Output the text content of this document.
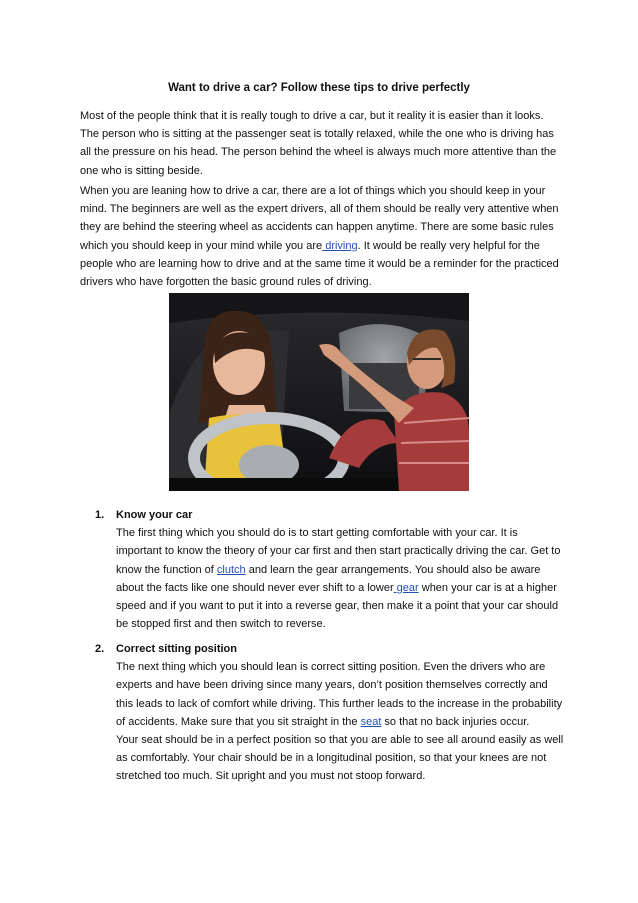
Want to drive a car? Follow these tips to drive perfectly

Most of the people think that it is really tough to drive a car, but it reality it is easier than it looks. The person who is sitting at the passenger seat is totally relaxed, while the one who is driving has all the pressure on his head. The person behind the wheel is always much more attentive than the one who is sitting beside.

When you are leaning how to drive a car, there are a lot of things which you should keep in your mind. The beginners are well as the expert drivers, all of them should be really very attentive when they are behind the steering wheel as accidents can happen anytime. There are some basic rules which you should keep in your mind while you are driving. It would be really very helpful for the people who are learning how to drive and at the same time it would be a reminder for the practiced drivers who have forgotten the basic ground rules of driving.

1. Know your car

The first thing which you should do is to start getting comfortable with your car. It is important to know the theory of your car first and then start practically driving the car. Get to know the function of clutch and learn the gear arrangements. You should also be aware about the facts like one should never ever shift to a lower gear when your car is at a higher speed and if you want to put it into a reverse gear, then make it a point that your car should be stopped first and then switch to reverse.

2. Correct sitting position

The next thing which you should lean is correct sitting position. Even the drivers who are experts and have been driving since many years, don’t position themselves correctly and this leads to lack of comfort while driving. This further leads to the increase in the probability of accidents. Make sure that you sit straight in the seat so that no back injuries occur.

Your seat should be in a perfect position so that you are able to see all around easily as well as comfortably. Your chair should be in a longitudinal position, so that your knees are not stretched too much. Sit upright and you must not stoop forward.
